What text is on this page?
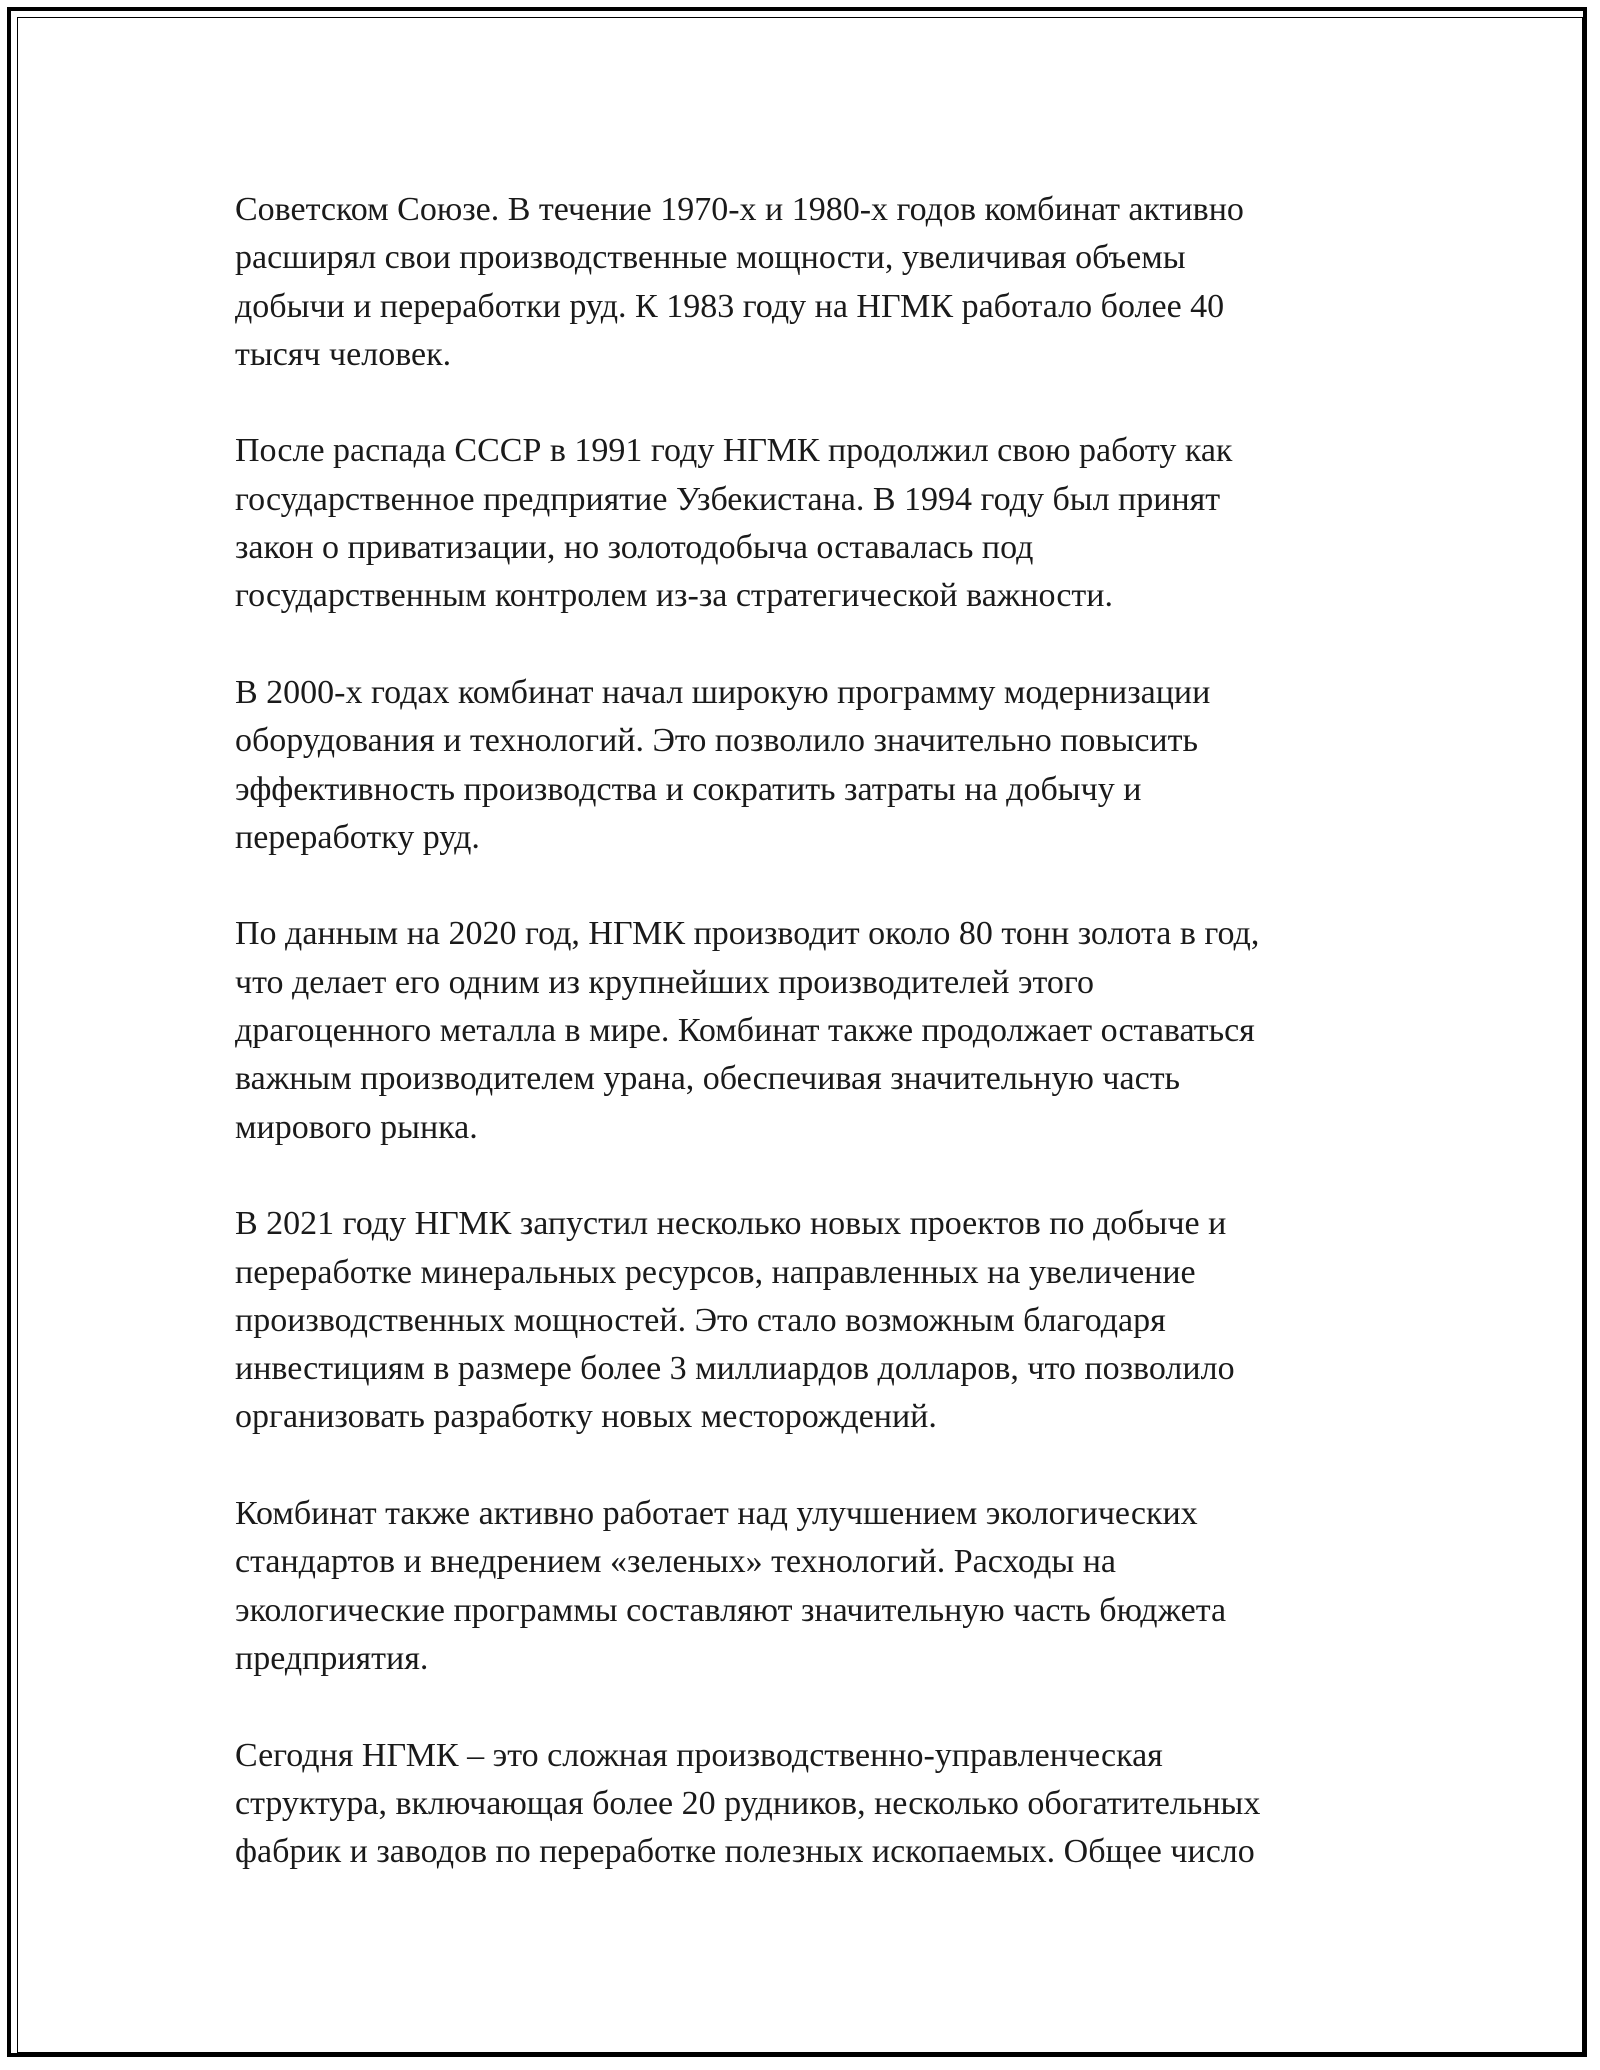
Советском Союзе. В течение 1970-х и 1980-х годов комбинат активно
расширял свои производственные мощности, увеличивая объемы
добычи и переработки руд. К 1983 году на НГМК работало более 40
тысяч человек.
После распада СССР в 1991 году НГМК продолжил свою работу как
государственное предприятие Узбекистана. В 1994 году был принят
закон о приватизации, но золотодобыча оставалась под
государственным контролем из-за стратегической важности.
В 2000-х годах комбинат начал широкую программу модернизации
оборудования и технологий. Это позволило значительно повысить
эффективность производства и сократить затраты на добычу и
переработку руд.
По данным на 2020 год, НГМК производит около 80 тонн золота в год,
что делает его одним из крупнейших производителей этого
драгоценного металла в мире. Комбинат также продолжает оставаться
важным производителем урана, обеспечивая значительную часть
мирового рынка.
В 2021 году НГМК запустил несколько новых проектов по добыче и
переработке минеральных ресурсов, направленных на увеличение
производственных мощностей. Это стало возможным благодаря
инвестициям в размере более 3 миллиардов долларов, что позволило
организовать разработку новых месторождений.
Комбинат также активно работает над улучшением экологических
стандартов и внедрением «зеленых» технологий. Расходы на
экологические программы составляют значительную часть бюджета
предприятия.
Сегодня НГМК – это сложная производственно-управленческая
структура, включающая более 20 рудников, несколько обогатительных
фабрик и заводов по переработке полезных ископаемых. Общее число
